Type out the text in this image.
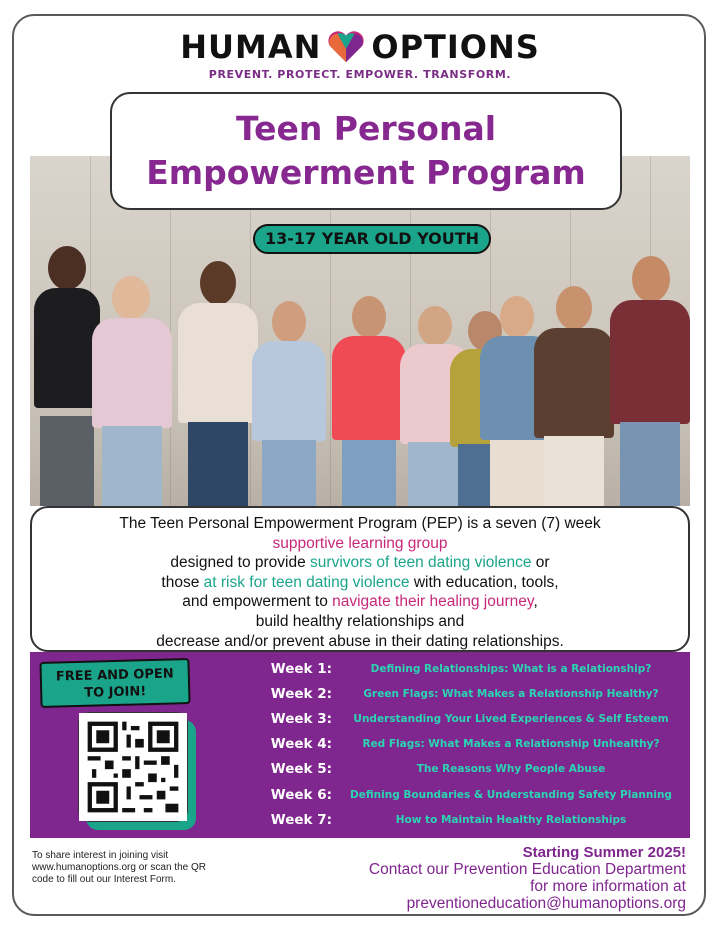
HUMAN OPTIONS
PREVENT. PROTECT. EMPOWER. TRANSFORM.
Teen Personal
Empowerment Program
13-17 YEAR OLD YOUTH
The Teen Personal Empowerment Program (PEP) is a seven (7) week
supportive learning group
designed to provide survivors of teen dating violence or
those at risk for teen dating violence with education, tools,
and empowerment to navigate their healing journey,
build healthy relationships and
decrease and/or prevent abuse in their dating relationships.
FREE AND OPEN
TO JOIN!
Week 1:	Defining Relationships: What is a Relationship?
Week 2:	Green Flags: What Makes a Relationship Healthy?
Week 3:	Understanding Your Lived Experiences & Self Esteem
Week 4:	Red Flags: What Makes a Relationship Unhealthy?
Week 5:	The Reasons Why People Abuse
Week 6:	Defining Boundaries & Understanding Safety Planning
Week 7:	How to Maintain Healthy Relationships
To share interest in joining visit www.humanoptions.org or scan the QR code to fill out our Interest Form.
Starting Summer 2025!
Contact our Prevention Education Department
for more information at
preventioneducation@humanoptions.org
